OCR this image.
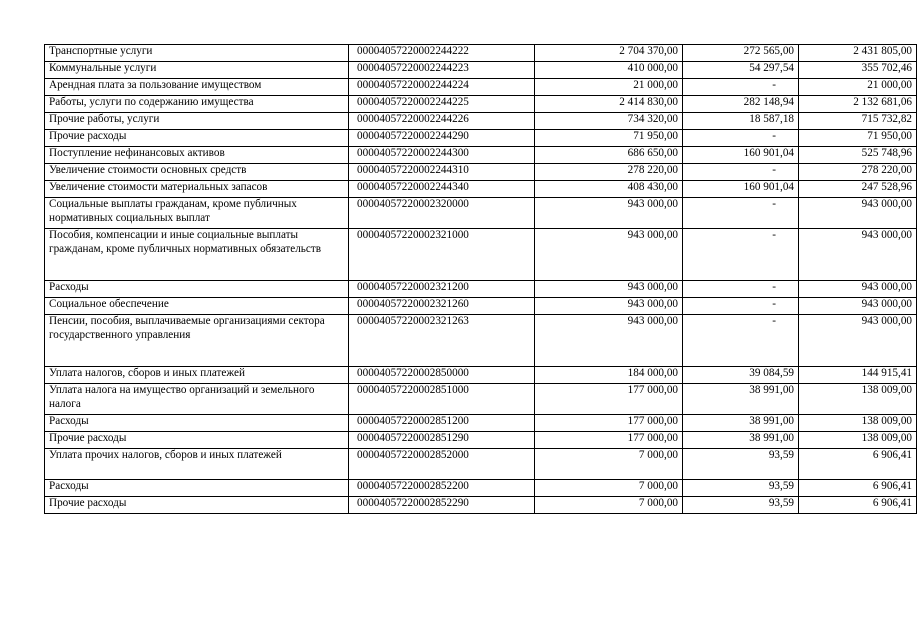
Транспортные услуги	00004057220002244222	2 704 370,00	272 565,00	2 431 805,00
Коммунальные услуги	00004057220002244223	410 000,00	54 297,54	355 702,46
Арендная плата за пользование имуществом	00004057220002244224	21 000,00	-	21 000,00
Работы, услуги по содержанию имущества	00004057220002244225	2 414 830,00	282 148,94	2 132 681,06
Прочие работы, услуги	00004057220002244226	734 320,00	18 587,18	715 732,82
Прочие расходы	00004057220002244290	71 950,00	-	71 950,00
Поступление нефинансовых активов	00004057220002244300	686 650,00	160 901,04	525 748,96
Увеличение стоимости основных средств	00004057220002244310	278 220,00	-	278 220,00
Увеличение стоимости материальных запасов	00004057220002244340	408 430,00	160 901,04	247 528,96
Социальные выплаты гражданам, кроме публичных нормативных социальных выплат	00004057220002320000	943 000,00	-	943 000,00
Пособия, компенсации и иные социальные выплаты гражданам, кроме публичных нормативных обязательств	00004057220002321000	943 000,00	-	943 000,00
Расходы	00004057220002321200	943 000,00	-	943 000,00
Социальное обеспечение	00004057220002321260	943 000,00	-	943 000,00
Пенсии, пособия, выплачиваемые организациями сектора государственного управления	00004057220002321263	943 000,00	-	943 000,00
Уплата налогов, сборов и иных платежей	00004057220002850000	184 000,00	39 084,59	144 915,41
Уплата налога на имущество организаций и земельного налога	00004057220002851000	177 000,00	38 991,00	138 009,00
Расходы	00004057220002851200	177 000,00	38 991,00	138 009,00
Прочие расходы	00004057220002851290	177 000,00	38 991,00	138 009,00
Уплата прочих налогов, сборов и иных платежей	00004057220002852000	7 000,00	93,59	6 906,41
Расходы	00004057220002852200	7 000,00	93,59	6 906,41
Прочие расходы	00004057220002852290	7 000,00	93,59	6 906,41
